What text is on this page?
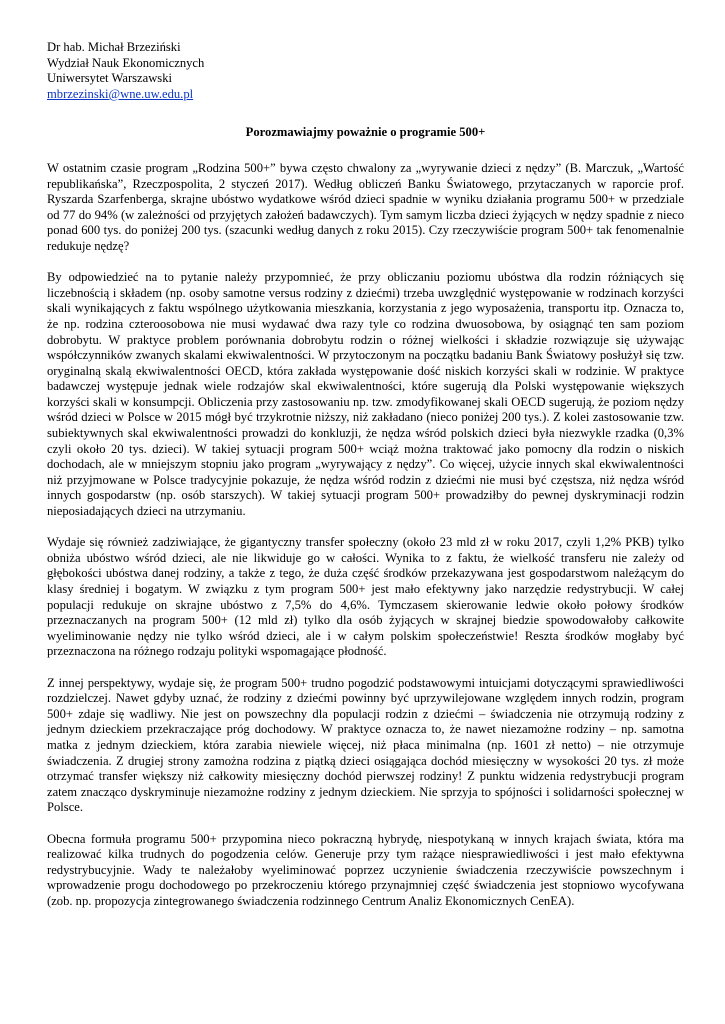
Dr hab. Michał Brzeziński
Wydział Nauk Ekonomicznych
Uniwersytet Warszawski
mbrzezinski@wne.uw.edu.pl
Porozmawiajmy poważnie o programie 500+

W ostatnim czasie program „Rodzina 500+” bywa często chwalony za „wyrywanie dzieci z nędzy” (B. Marczuk, „Wartość republikańska”, Rzeczpospolita, 2 styczeń 2017). Według obliczeń Banku Światowego, przytaczanych w raporcie prof. Ryszarda Szarfenberga, skrajne ubóstwo wydatkowe wśród dzieci spadnie w wyniku działania programu 500+ w przedziale od 77 do 94% (w zależności od przyjętych założeń badawczych). Tym samym liczba dzieci żyjących w nędzy spadnie z nieco ponad 600 tys. do poniżej 200 tys. (szacunki według danych z roku 2015). Czy rzeczywiście program 500+ tak fenomenalnie redukuje nędzę?

By odpowiedzieć na to pytanie należy przypomnieć, że przy obliczaniu poziomu ubóstwa dla rodzin różniących się liczebnością i składem (np. osoby samotne versus rodziny z dziećmi) trzeba uwzględnić występowanie w rodzinach korzyści skali wynikających z faktu wspólnego użytkowania mieszkania, korzystania z jego wyposażenia, transportu itp. Oznacza to, że np. rodzina czteroosobowa nie musi wydawać dwa razy tyle co rodzina dwuosobowa, by osiągnąć ten sam poziom dobrobytu. W praktyce problem porównania dobrobytu rodzin o różnej wielkości i składzie rozwiązuje się używając współczynników zwanych skalami ekwiwalentności. W przytoczonym na początku badaniu Bank Światowy posłużył się tzw. oryginalną skalą ekwiwalentności OECD, która zakłada występowanie dość niskich korzyści skali w rodzinie. W praktyce badawczej występuje jednak wiele rodzajów skal ekwiwalentności, które sugerują dla Polski występowanie większych korzyści skali w konsumpcji. Obliczenia przy zastosowaniu np. tzw. zmodyfikowanej skali OECD sugerują, że poziom nędzy wśród dzieci w Polsce w 2015 mógł być trzykrotnie niższy, niż zakładano (nieco poniżej 200 tys.). Z kolei zastosowanie tzw. subiektywnych skal ekwiwalentności prowadzi do konkluzji, że nędza wśród polskich dzieci była niezwykle rzadka (0,3% czyli około 20 tys. dzieci). W takiej sytuacji program 500+ wciąż można traktować jako pomocny dla rodzin o niskich dochodach, ale w mniejszym stopniu jako program „wyrywający z nędzy”. Co więcej, użycie innych skal ekwiwalentności niż przyjmowane w Polsce tradycyjnie pokazuje, że nędza wśród rodzin z dziećmi nie musi być częstsza, niż nędza wśród innych gospodarstw (np. osób starszych). W takiej sytuacji program 500+ prowadziłby do pewnej dyskryminacji rodzin nieposiadających dzieci na utrzymaniu.

Wydaje się również zadziwiające, że gigantyczny transfer społeczny (około 23 mld zł w roku 2017, czyli 1,2% PKB) tylko obniża ubóstwo wśród dzieci, ale nie likwiduje go w całości. Wynika to z faktu, że wielkość transferu nie zależy od głębokości ubóstwa danej rodziny, a także z tego, że duża część środków przekazywana jest gospodarstwom należącym do klasy średniej i bogatym. W związku z tym program 500+ jest mało efektywny jako narzędzie redystrybucji. W całej populacji redukuje on skrajne ubóstwo z 7,5% do 4,6%. Tymczasem skierowanie ledwie około połowy środków przeznaczanych na program 500+ (12 mld zł) tylko dla osób żyjących w skrajnej biedzie spowodowałoby całkowite wyeliminowanie nędzy nie tylko wśród dzieci, ale i w całym polskim społeczeństwie! Reszta środków mogłaby być przeznaczona na różnego rodzaju polityki wspomagające płodność.

Z innej perspektywy, wydaje się, że program 500+ trudno pogodzić podstawowymi intuicjami dotyczącymi sprawiedliwości rozdzielczej. Nawet gdyby uznać, że rodziny z dziećmi powinny być uprzywilejowane względem innych rodzin, program 500+ zdaje się wadliwy. Nie jest on powszechny dla populacji rodzin z dziećmi – świadczenia nie otrzymują rodziny z jednym dzieckiem przekraczające próg dochodowy. W praktyce oznacza to, że nawet niezamożne rodziny – np. samotna matka z jednym dzieckiem, która zarabia niewiele więcej, niż płaca minimalna (np. 1601 zł netto) – nie otrzymuje świadczenia. Z drugiej strony zamożna rodzina z piątką dzieci osiągająca dochód miesięczny w wysokości 20 tys. zł może otrzymać transfer większy niż całkowity miesięczny dochód pierwszej rodziny! Z punktu widzenia redystrybucji program zatem znacząco dyskryminuje niezamożne rodziny z jednym dzieckiem. Nie sprzyja to spójności i solidarności społecznej w Polsce.

Obecna formuła programu 500+ przypomina nieco pokraczną hybrydę, niespotykaną w innych krajach świata, która ma realizować kilka trudnych do pogodzenia celów. Generuje przy tym rażące niesprawiedliwości i jest mało efektywna redystrybucyjnie. Wady te należałoby wyeliminować poprzez uczynienie świadczenia rzeczywiście powszechnym i wprowadzenie progu dochodowego po przekroczeniu którego przynajmniej część świadczenia jest stopniowo wycofywana (zob. np. propozycja zintegrowanego świadczenia rodzinnego Centrum Analiz Ekonomicznych CenEA).
